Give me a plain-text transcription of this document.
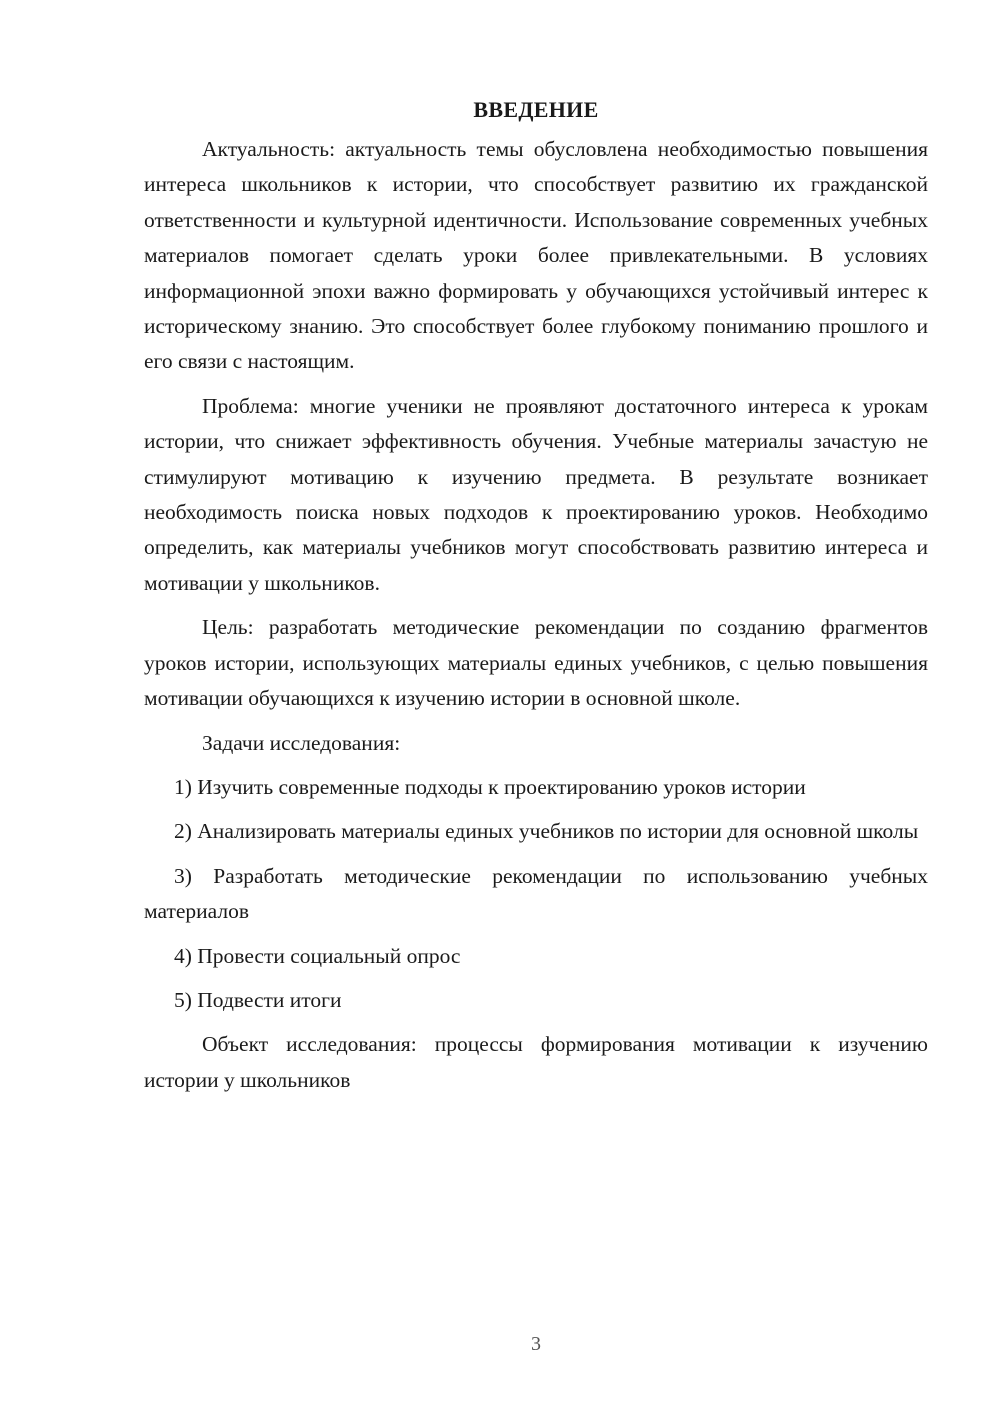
ВВЕДЕНИЕ

Актуальность: актуальность темы обусловлена необходимостью повышения интереса школьников к истории, что способствует развитию их гражданской ответственности и культурной идентичности. Использование современных учебных материалов помогает сделать уроки более привлекательными. В условиях информационной эпохи важно формировать у обучающихся устойчивый интерес к историческому знанию. Это способствует более глубокому пониманию прошлого и его связи с настоящим.

Проблема: многие ученики не проявляют достаточного интереса к урокам истории, что снижает эффективность обучения. Учебные материалы зачастую не стимулируют мотивацию к изучению предмета. В результате возникает необходимость поиска новых подходов к проектированию уроков. Необходимо определить, как материалы учебников могут способствовать развитию интереса и мотивации у школьников.

Цель: разработать методические рекомендации по созданию фрагментов уроков истории, использующих материалы единых учебников, с целью повышения мотивации обучающихся к изучению истории в основной школе.

Задачи исследования:

1) Изучить современные подходы к проектированию уроков истории

2) Анализировать материалы единых учебников по истории для основной школы

3) Разработать методические рекомендации по использованию учебных материалов

4) Провести социальный опрос

5) Подвести итоги

Объект исследования: процессы формирования мотивации к изучению истории у школьников

3
